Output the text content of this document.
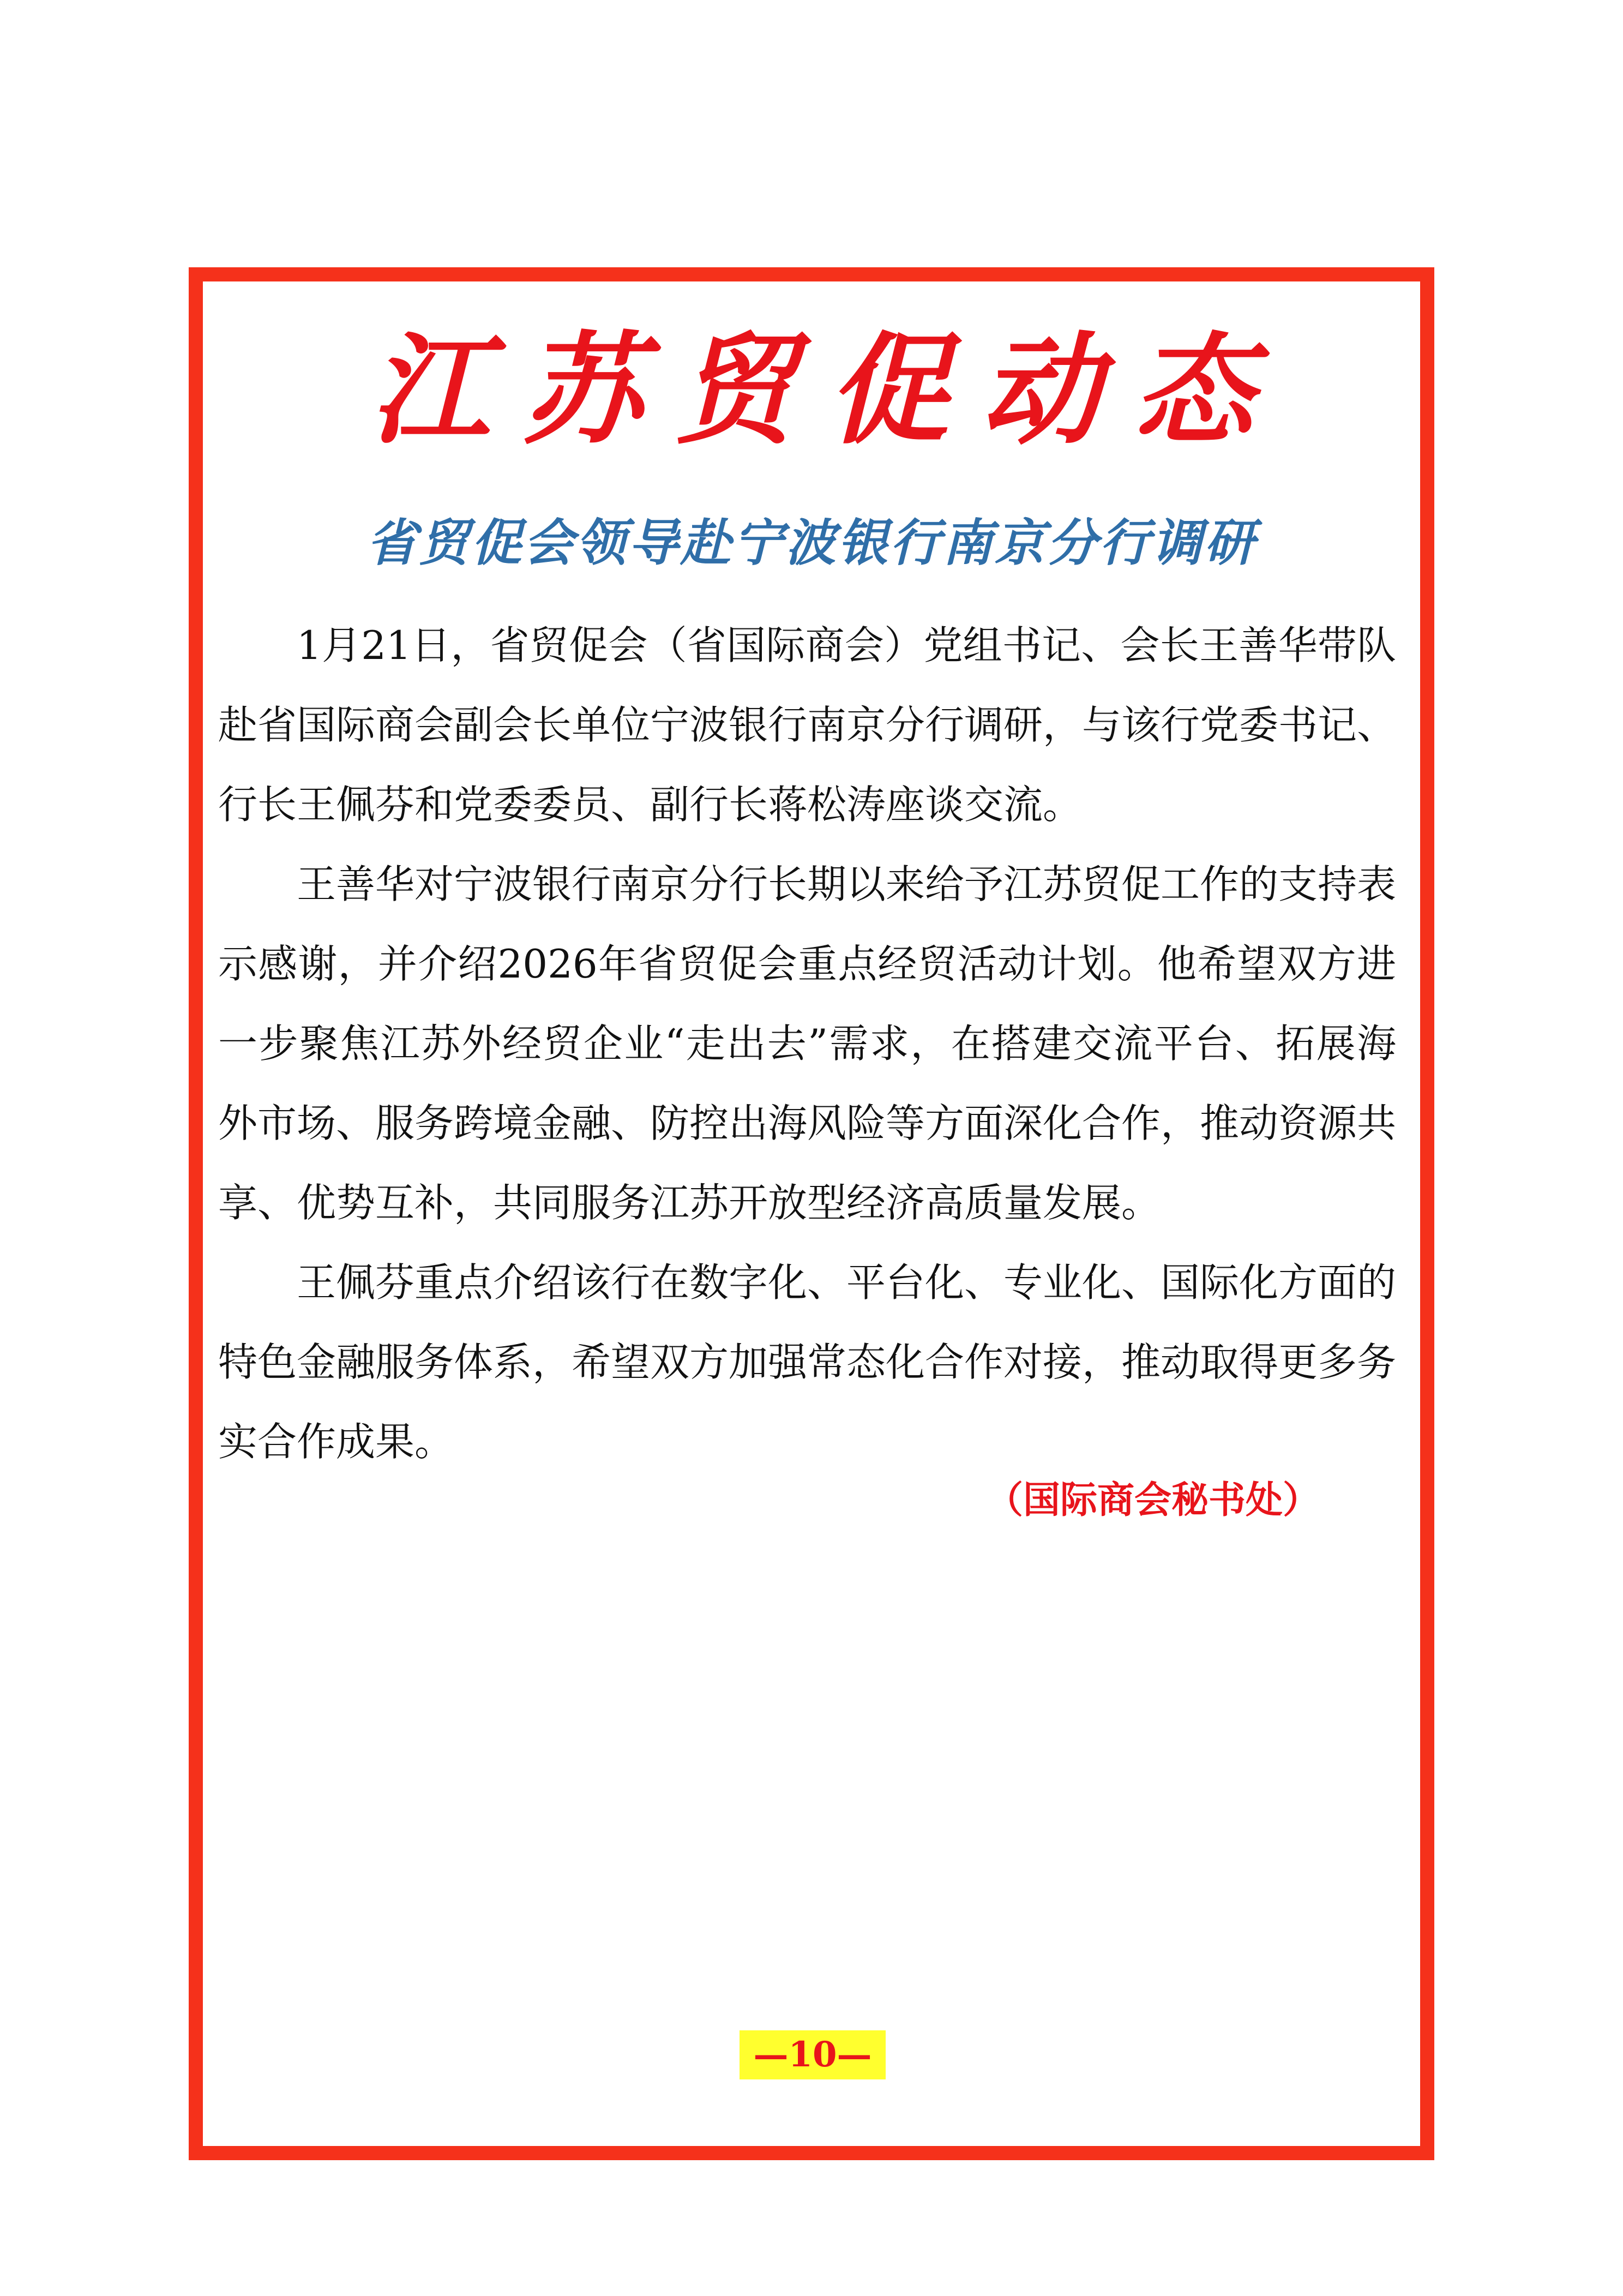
江苏贸促动态
省贸促会领导赴宁波银行南京分行调研

1月21日，省贸促会（省国际商会）党组书记、会长王善华带队赴省国际商会副会长单位宁波银行南京分行调研，与该行党委书记、行长王佩芬和党委委员、副行长蒋松涛座谈交流。

王善华对宁波银行南京分行长期以来给予江苏贸促工作的支持表示感谢，并介绍2026年省贸促会重点经贸活动计划。他希望双方进一步聚焦江苏外经贸企业“走出去”需求，在搭建交流平台、拓展海外市场、服务跨境金融、防控出海风险等方面深化合作，推动资源共享、优势互补，共同服务江苏开放型经济高质量发展。

王佩芬重点介绍该行在数字化、平台化、专业化、国际化方面的特色金融服务体系，希望双方加强常态化合作对接，推动取得更多务实合作成果。

（国际商会秘书处）
—10—
